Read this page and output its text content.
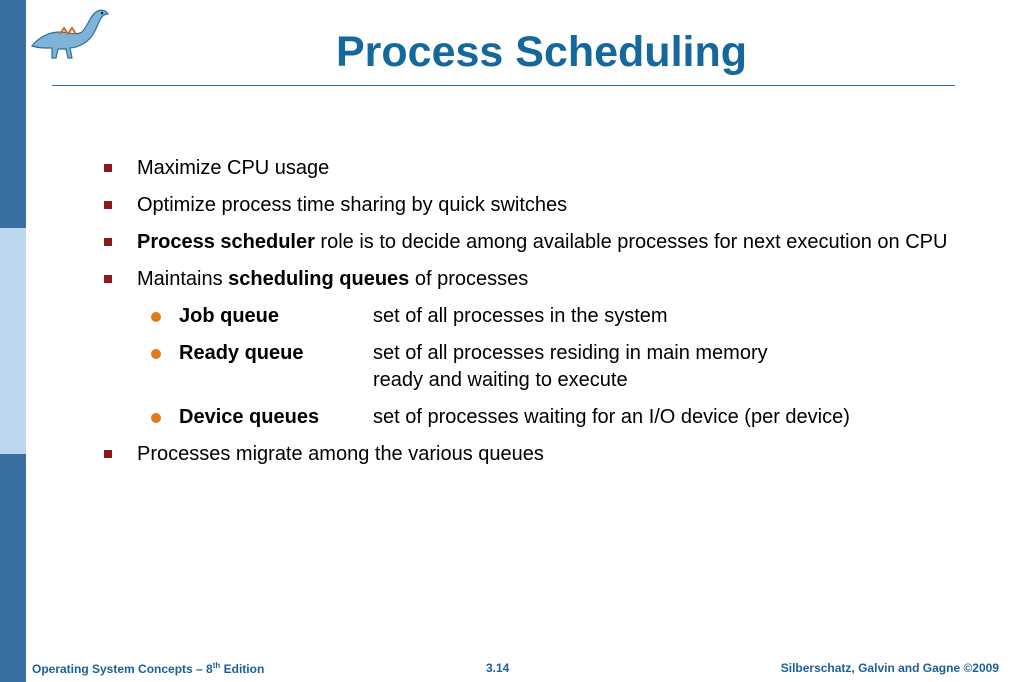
Process Scheduling
Maximize CPU usage
Optimize process time sharing by quick switches
Process scheduler role is to decide among available processes for next execution on CPU
Maintains scheduling queues of processes
Job queue	set of all processes in the system
Ready queue	set of all processes residing in main memory
ready and waiting to execute
Device queues	set of processes waiting for an I/O device (per device)
Processes migrate among the various queues
Operating System Concepts – 8th Edition	3.14	Silberschatz, Galvin and Gagne ©2009
